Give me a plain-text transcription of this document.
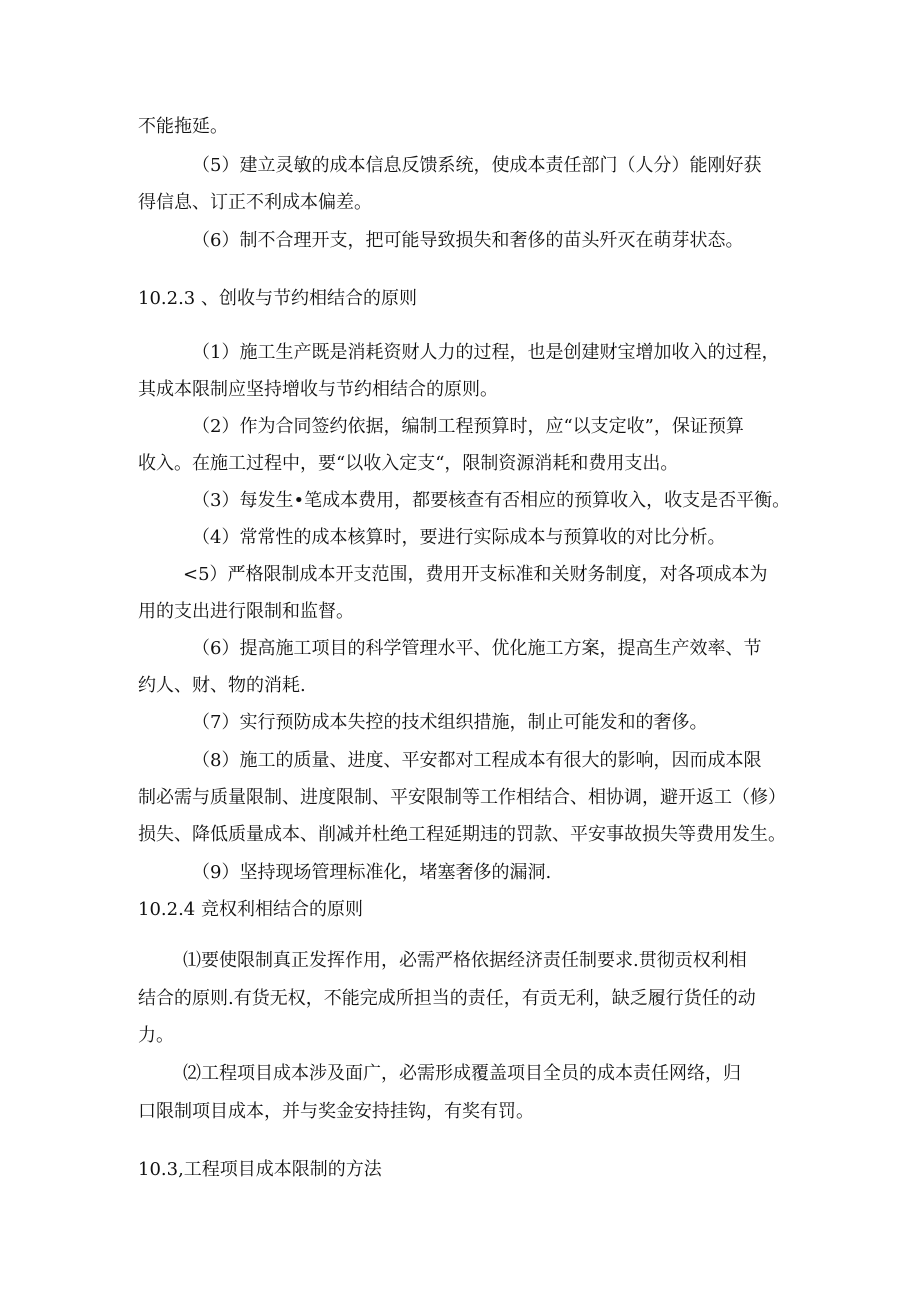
不能拖延。
（5）建立灵敏的成本信息反馈系统，使成本责任部门（人分）能刚好获
得信息、订正不利成本偏差。
（6）制不合理开支，把可能导致损失和奢侈的苗头歼灭在萌芽状态。
10.2.3 、创收与节约相结合的原则
（1）施工生产既是消耗资财人力的过程，也是创建财宝增加收入的过程，
其成本限制应坚持增收与节约相结合的原则。
（2）作为合同签约依据，编制工程预算时，应“以支定收”，保证预算
收入。在施工过程中，要“以收入定支“，限制资源消耗和费用支出。
（3）每发生•笔成本费用，都要核查有否相应的预算收入，收支是否平衡。
（4）常常性的成本核算时，要进行实际成本与预算收的对比分析。
<5）严格限制成本开支范围，费用开支标准和关财务制度，对各项成本为
用的支出进行限制和监督。
（6）提高施工项目的科学管理水平、优化施工方案，提高生产效率、节
约人、财、物的消耗.
（7）实行预防成本失控的技术组织措施，制止可能发和的奢侈。
（8）施工的质量、进度、平安都对工程成本有很大的影响，因而成本限
制必需与质量限制、进度限制、平安限制等工作相结合、相协调，避开返工（修）
损失、降低质量成本、削减并杜绝工程延期违的罚款、平安事故损失等费用发生。
（9）坚持现场管理标准化，堵塞奢侈的漏洞.
10.2.4 竞权利相结合的原则
⑴要使限制真正发挥作用，必需严格依据经济责任制要求.贯彻贡权利相
结合的原则.有货无权，不能完成所担当的责任，有贡无利，缺乏履行货任的动
力。
⑵工程项目成本涉及面广，必需形成覆盖项目全员的成本责任网络，归
口限制项目成本，并与奖金安持挂钩，有奖有罚。
10.3,工程项目成本限制的方法
